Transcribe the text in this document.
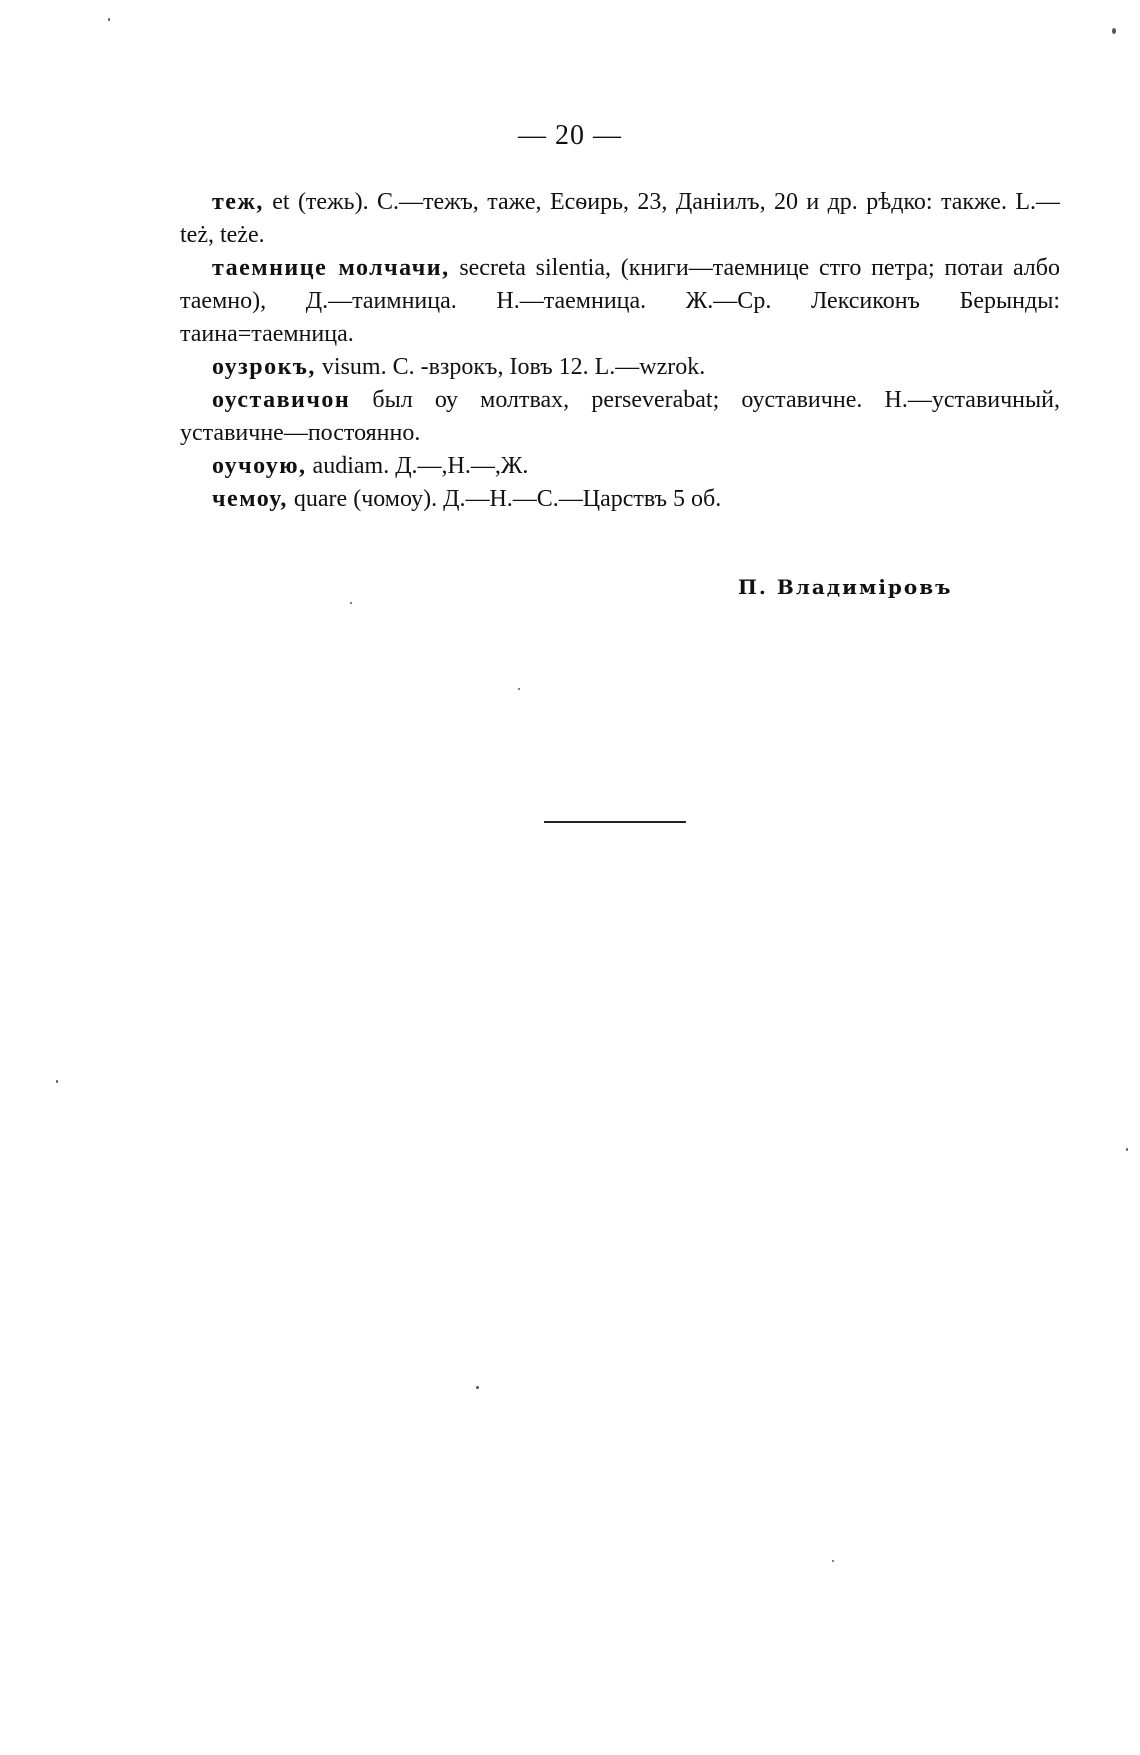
— 20 —

теж, et (тежь). С.—тежъ, таже, Есѳирь, 23, Даніилъ, 20 и др. рѣдко: также. L.—też, teże.

таемнице молчачи, secreta silentia, (книги—таемнице стго петра; потаи албо таемно), Д.—таимница. Н.—таемница. Ж.—Ср. Лексиконъ Берынды: таина=таемница.

оузрокъ, visum. С. -взрокъ, Іовъ 12. L.—wzrok.

оуставичон был оу молтвах, perseverabat; оуставичне. Н.—уставичный, уставичне—постоянно.

оучоую, audiam. Д.—,Н.—,Ж.

чемоу, quare (чомоу). Д.—Н.—С.—Царствъ 5 об.

П. Владиміровъ
